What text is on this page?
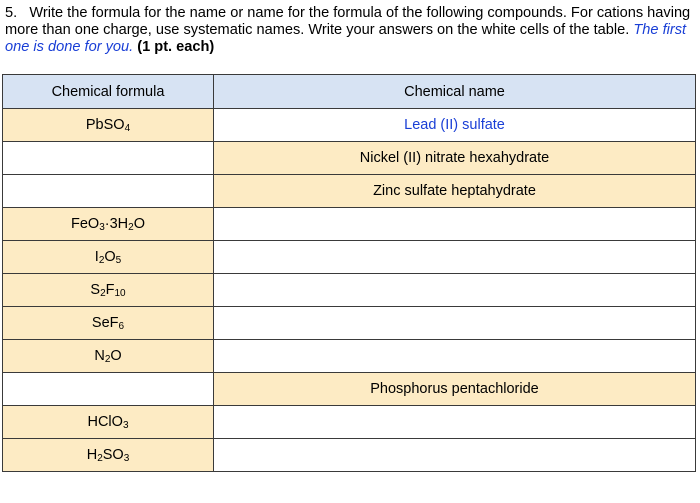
5. Write the formula for the name or name for the formula of the following compounds. For cations having more than one charge, use systematic names. Write your answers on the white cells of the table. The first one is done for you. (1 pt. each)
Chemical formula	Chemical name
PbSO$_4$	Lead (II) sulfate
	Nickel (II) nitrate hexahydrate
	Zinc sulfate heptahydrate
$FeO_3\cdot 3H_2O$	
$I_2O_5$	
$S_2F_{10}$	
SeF$_6$	
$N_2O$	
	Phosphorus pentachloride
HClO$_3$	
$H_2SO_3$	
